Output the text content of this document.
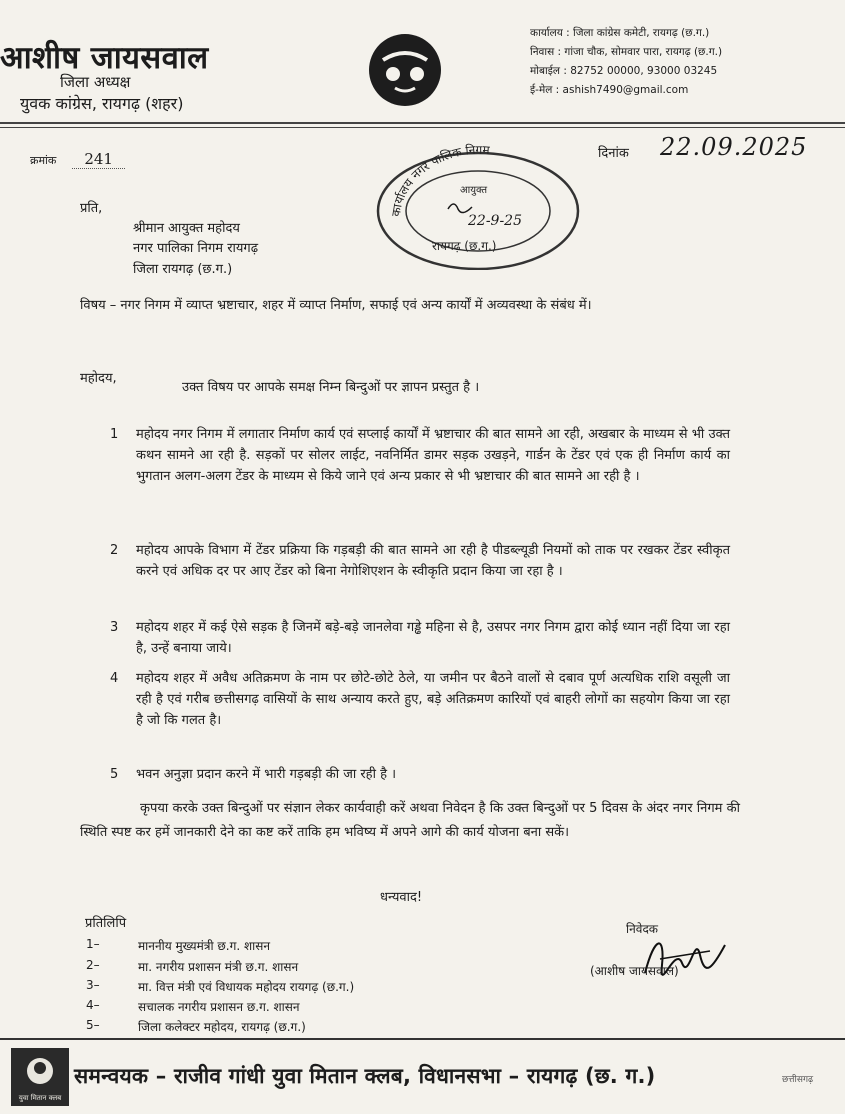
आशीष जायसवाल
जिला अध्यक्ष
युवक कांग्रेस, रायगढ़ (शहर)
कार्यालय : जिला कांग्रेस कमेटी, रायगढ़ (छ.ग.)
निवास : गांजा चौक, सोमवार पारा, रायगढ़ (छ.ग.)
मोबाईल : 82752 00000, 93000 03245
ई-मेल : ashish7490@gmail.com
क्रमांक 241	दिनांक 22.09.2025
कार्यालय नगर पालिक निगम
आयुक्त
22-9-25
रायगढ़ (छ.ग.)
प्रति,
श्रीमान आयुक्त महोदय
नगर पालिका निगम रायगढ़
जिला रायगढ़ (छ.ग.)
विषय – नगर निगम में व्याप्त भ्रष्टाचार, शहर में व्याप्त निर्माण, सफाई एवं अन्य कार्यों में अव्यवस्था के संबंध में।
महोदय,
उक्त विषय पर आपके समक्ष निम्न बिन्दुओं पर ज्ञापन प्रस्तुत है ।
1 महोदय नगर निगम में लगातार निर्माण कार्य एवं सप्लाई कार्यों में भ्रष्टाचार की बात सामने आ रही, अखबार के माध्यम से भी उक्त कथन सामने आ रही है. सड़कों पर सोलर लाईट, नवनिर्मित डामर सड़क उखड़ने, गार्डन के टेंडर एवं एक ही निर्माण कार्य का भुगतान अलग-अलग टेंडर के माध्यम से किये जाने एवं अन्य प्रकार से भी भ्रष्टाचार की बात सामने आ रही है ।
2 महोदय आपके विभाग में टेंडर प्रक्रिया कि गड़बड़ी की बात सामने आ रही है पीडब्ल्यूडी नियमों को ताक पर रखकर टेंडर स्वीकृत करने एवं अधिक दर पर आए टेंडर को बिना नेगोशिएशन के स्वीकृति प्रदान किया जा रहा है ।
3 महोदय शहर में कई ऐसे सड़क है जिनमें बड़े-बड़े जानलेवा गड्ढे महिना से है, उसपर नगर निगम द्वारा कोई ध्यान नहीं दिया जा रहा है, उन्हें बनाया जाये।
4 महोदय शहर में अवैध अतिक्रमण के नाम पर छोटे-छोटे ठेले, या जमीन पर बैठने वालों से दबाव पूर्ण अत्यधिक राशि वसूली जा रही है एवं गरीब छत्तीसगढ़ वासियों के साथ अन्याय करते हुए, बड़े अतिक्रमण कारियों एवं बाहरी लोगों का सहयोग किया जा रहा है जो कि गलत है।
5 भवन अनुज्ञा प्रदान करने में भारी गड़बड़ी की जा रही है ।
कृपया करके उक्त बिन्दुओं पर संज्ञान लेकर कार्यवाही करें अथवा निवेदन है कि उक्त बिन्दुओं पर 5 दिवस के अंदर नगर निगम की स्थिति स्पष्ट कर हमें जानकारी देने का कष्ट करें ताकि हम भविष्य में अपने आगे की कार्य योजना बना सकें।
धन्यवाद!
प्रतिलिपि
1–	माननीय मुख्यमंत्री छ.ग. शासन
2–	मा. नगरीय प्रशासन मंत्री छ.ग. शासन
3–	मा. वित्त मंत्री एवं विधायक महोदय रायगढ़ (छ.ग.)
4–	सचालक नगरीय प्रशासन छ.ग. शासन
5–	जिला कलेक्टर महोदय, रायगढ़ (छ.ग.)
निवेदक
(आशीष जायसवाल)
युवा मितान क्लब
समन्वयक – राजीव गांधी युवा मितान क्लब, विधानसभा – रायगढ़ (छ. ग.)	छत्तीसगढ़
